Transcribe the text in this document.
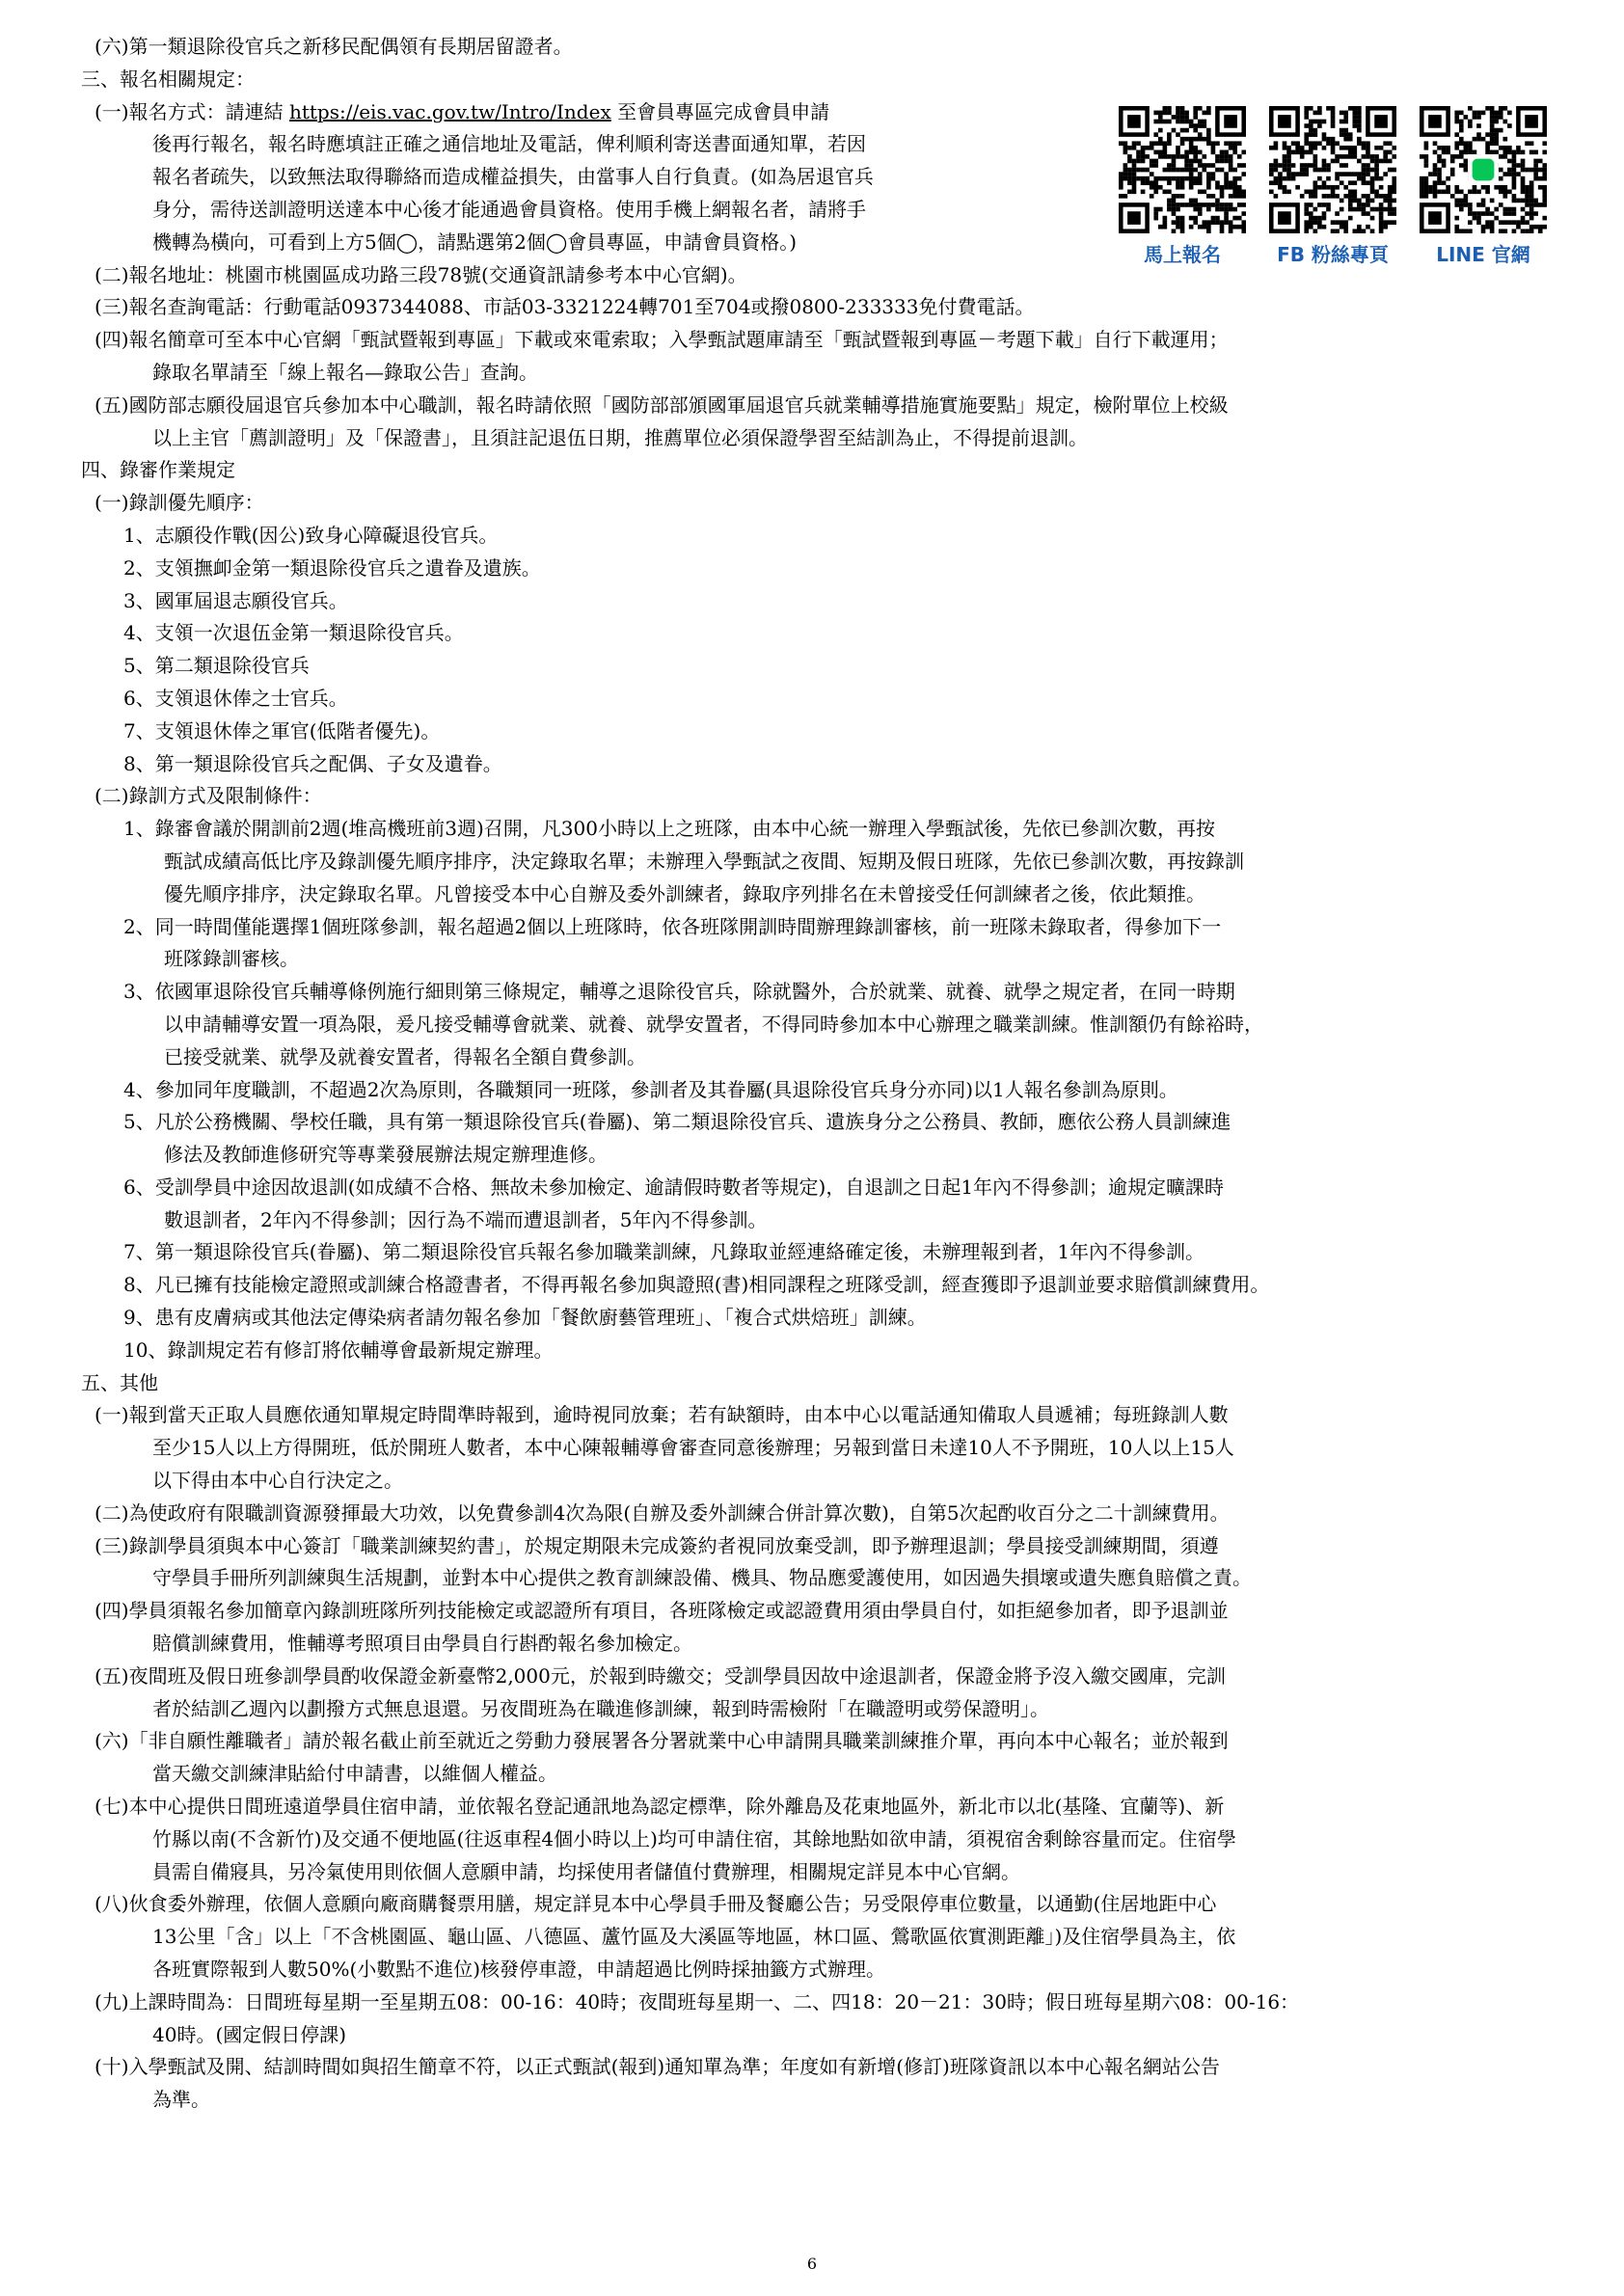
(六)第一類退除役官兵之新移民配偶領有長期居留證者。
三、報名相關規定：
(一)報名方式：請連結 https://eis.vac.gov.tw/Intro/Index 至會員專區完成會員申請
後再行報名，報名時應填註正確之通信地址及電話，俾利順利寄送書面通知單，若因
報名者疏失，以致無法取得聯絡而造成權益損失，由當事人自行負責。(如為居退官兵
身分，需待送訓證明送達本中心後才能通過會員資格。使用手機上網報名者，請將手
機轉為橫向，可看到上方5個◯，請點選第2個◯會員專區，申請會員資格。)
(二)報名地址：桃園市桃園區成功路三段78號(交通資訊請參考本中心官網)。
(三)報名查詢電話：行動電話0937344088、市話03-3321224轉701至704或撥0800-233333免付費電話。
(四)報名簡章可至本中心官網「甄試暨報到專區」下載或來電索取；入學甄試題庫請至「甄試暨報到專區－考題下載」自行下載運用；
錄取名單請至「線上報名—錄取公告」查詢。
(五)國防部志願役屆退官兵參加本中心職訓，報名時請依照「國防部部頒國軍屆退官兵就業輔導措施實施要點」規定，檢附單位上校級
以上主官「薦訓證明」及「保證書」，且須註記退伍日期，推薦單位必須保證學習至結訓為止，不得提前退訓。
四、錄審作業規定
(一)錄訓優先順序：
1、志願役作戰(因公)致身心障礙退役官兵。
2、支領撫卹金第一類退除役官兵之遺眷及遺族。
3、國軍屆退志願役官兵。
4、支領一次退伍金第一類退除役官兵。
5、第二類退除役官兵
6、支領退休俸之士官兵。
7、支領退休俸之軍官(低階者優先)。
8、第一類退除役官兵之配偶、子女及遺眷。
(二)錄訓方式及限制條件：
1、錄審會議於開訓前2週(堆高機班前3週)召開，凡300小時以上之班隊，由本中心統一辦理入學甄試後，先依已參訓次數，再按
甄試成績高低比序及錄訓優先順序排序，決定錄取名單；未辦理入學甄試之夜間、短期及假日班隊，先依已參訓次數，再按錄訓
優先順序排序，決定錄取名單。凡曾接受本中心自辦及委外訓練者，錄取序列排名在未曾接受任何訓練者之後，依此類推。
2、同一時間僅能選擇1個班隊參訓，報名超過2個以上班隊時，依各班隊開訓時間辦理錄訓審核，前一班隊未錄取者，得參加下一
班隊錄訓審核。
3、依國軍退除役官兵輔導條例施行細則第三條規定，輔導之退除役官兵，除就醫外，合於就業、就養、就學之規定者，在同一時期
以申請輔導安置一項為限，爰凡接受輔導會就業、就養、就學安置者，不得同時參加本中心辦理之職業訓練。惟訓額仍有餘裕時，
已接受就業、就學及就養安置者，得報名全額自費參訓。
4、參加同年度職訓，不超過2次為原則，各職類同一班隊，參訓者及其眷屬(具退除役官兵身分亦同)以1人報名參訓為原則。
5、凡於公務機關、學校任職，具有第一類退除役官兵(眷屬)、第二類退除役官兵、遺族身分之公務員、教師，應依公務人員訓練進
修法及教師進修研究等專業發展辦法規定辦理進修。
6、受訓學員中途因故退訓(如成績不合格、無故未參加檢定、逾請假時數者等規定)，自退訓之日起1年內不得參訓；逾規定曠課時
數退訓者，2年內不得參訓；因行為不端而遭退訓者，5年內不得參訓。
7、第一類退除役官兵(眷屬)、第二類退除役官兵報名參加職業訓練，凡錄取並經連絡確定後，未辦理報到者，1年內不得參訓。
8、凡已擁有技能檢定證照或訓練合格證書者，不得再報名參加與證照(書)相同課程之班隊受訓，經查獲即予退訓並要求賠償訓練費用。
9、患有皮膚病或其他法定傳染病者請勿報名參加「餐飲廚藝管理班」、「複合式烘焙班」訓練。
10、錄訓規定若有修訂將依輔導會最新規定辦理。
五、其他
(一)報到當天正取人員應依通知單規定時間準時報到，逾時視同放棄；若有缺額時，由本中心以電話通知備取人員遞補；每班錄訓人數
至少15人以上方得開班，低於開班人數者，本中心陳報輔導會審查同意後辦理；另報到當日未達10人不予開班，10人以上15人
以下得由本中心自行決定之。
(二)為使政府有限職訓資源發揮最大功效，以免費參訓4次為限(自辦及委外訓練合併計算次數)，自第5次起酌收百分之二十訓練費用。
(三)錄訓學員須與本中心簽訂「職業訓練契約書」，於規定期限未完成簽約者視同放棄受訓，即予辦理退訓；學員接受訓練期間，須遵
守學員手冊所列訓練與生活規劃，並對本中心提供之教育訓練設備、機具、物品應愛護使用，如因過失損壞或遺失應負賠償之責。
(四)學員須報名參加簡章內錄訓班隊所列技能檢定或認證所有項目，各班隊檢定或認證費用須由學員自付，如拒絕參加者，即予退訓並
賠償訓練費用，惟輔導考照項目由學員自行斟酌報名參加檢定。
(五)夜間班及假日班參訓學員酌收保證金新臺幣2,000元，於報到時繳交；受訓學員因故中途退訓者，保證金將予沒入繳交國庫，完訓
者於結訓乙週內以劃撥方式無息退還。另夜間班為在職進修訓練，報到時需檢附「在職證明或勞保證明」。
(六)「非自願性離職者」請於報名截止前至就近之勞動力發展署各分署就業中心申請開具職業訓練推介單，再向本中心報名；並於報到
當天繳交訓練津貼給付申請書，以維個人權益。
(七)本中心提供日間班遠道學員住宿申請，並依報名登記通訊地為認定標準，除外離島及花東地區外，新北市以北(基隆、宜蘭等)、新
竹縣以南(不含新竹)及交通不便地區(往返車程4個小時以上)均可申請住宿，其餘地點如欲申請，須視宿舍剩餘容量而定。住宿學
員需自備寢具，另冷氣使用則依個人意願申請，均採使用者儲值付費辦理，相關規定詳見本中心官網。
(八)伙食委外辦理，依個人意願向廠商購餐票用膳，規定詳見本中心學員手冊及餐廳公告；另受限停車位數量，以通勤(住居地距中心
13公里「含」以上「不含桃園區、龜山區、八德區、蘆竹區及大溪區等地區，林口區、鶯歌區依實測距離」)及住宿學員為主，依
各班實際報到人數50%(小數點不進位)核發停車證，申請超過比例時採抽籤方式辦理。
(九)上課時間為：日間班每星期一至星期五08：00-16：40時；夜間班每星期一、二、四18：20－21：30時；假日班每星期六08：00-16：
40時。(國定假日停課)
(十)入學甄試及開、結訓時間如與招生簡章不符，以正式甄試(報到)通知單為準；年度如有新增(修訂)班隊資訊以本中心報名網站公告
為準。
馬上報名	FB 粉絲專頁	LINE 官網
6
